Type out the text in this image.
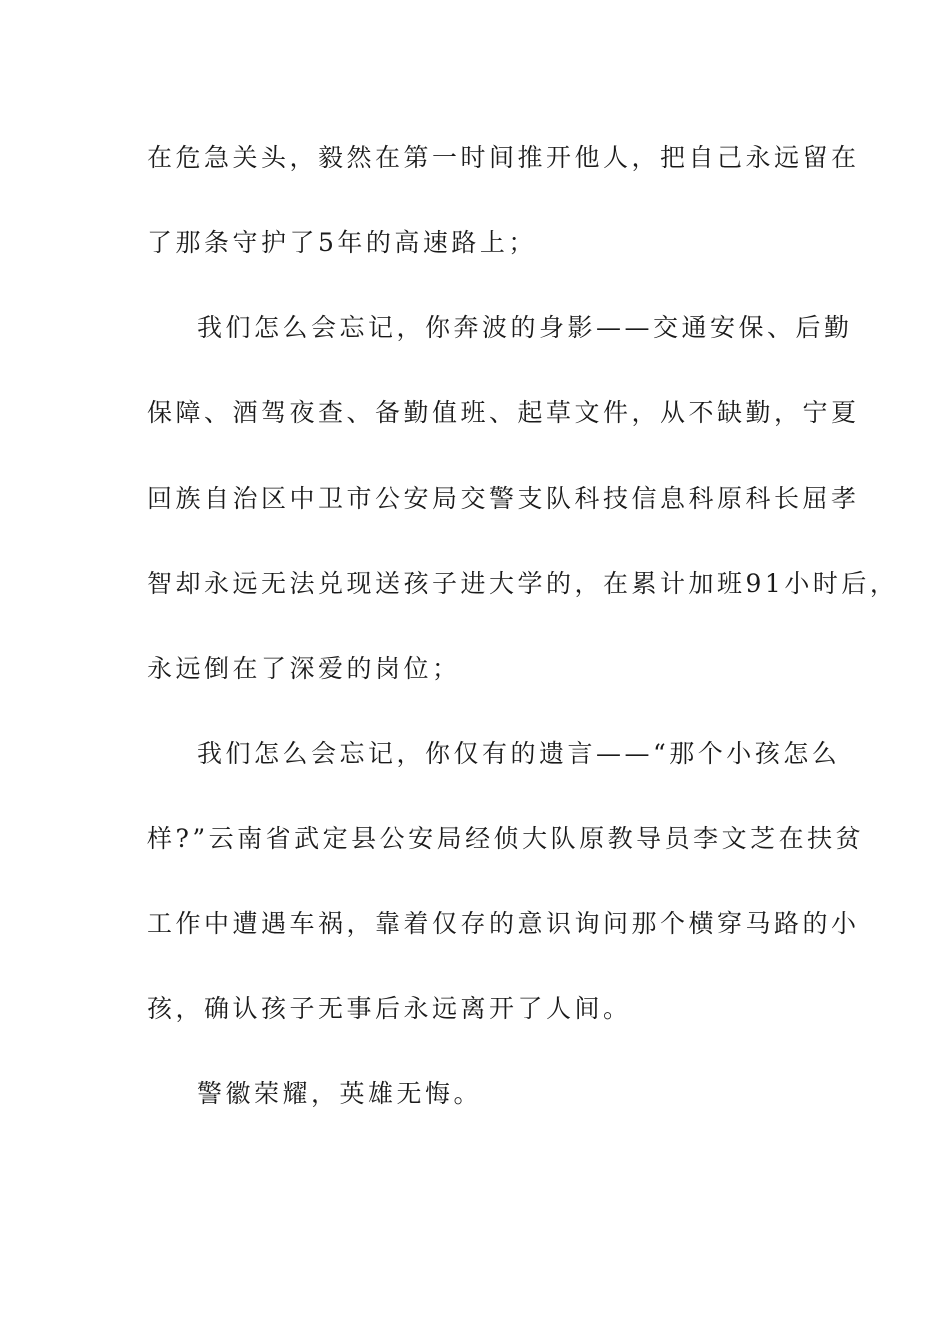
在危急关头，毅然在第一时间推开他人，把自己永远留在

了那条守护了5年的高速路上；

我们怎么会忘记，你奔波的身影——交通安保、后勤

保障、酒驾夜查、备勤值班、起草文件，从不缺勤，宁夏

回族自治区中卫市公安局交警支队科技信息科原科长屈孝

智却永远无法兑现送孩子进大学的，在累计加班91小时后，

永远倒在了深爱的岗位；

我们怎么会忘记，你仅有的遗言——“那个小孩怎么

样?”云南省武定县公安局经侦大队原教导员李文芝在扶贫

工作中遭遇车祸，靠着仅存的意识询问那个横穿马路的小

孩，确认孩子无事后永远离开了人间。

警徽荣耀，英雄无悔。
